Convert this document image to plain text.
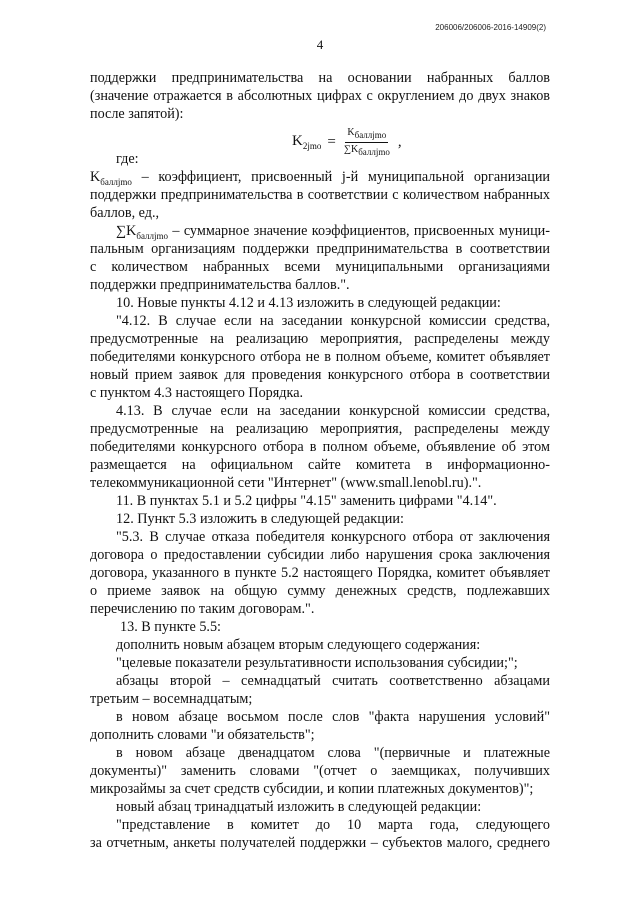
206006/206006-2016-14909(2)
4
поддержки предпринимательства на основании набранных баллов
(значение отражается в абсолютных цифрах с округлением до двух знаков
после запятой):
$K_{2jmo} = \frac{K_{баллjmo}}{\sum K_{баллjmo}}$ ,
где:
$K_{баллjmo}$ – коэффициент, присвоенный j-й муниципальной организации
поддержки предпринимательства в соответствии с количеством набранных
баллов, ед.,
$\sum K_{баллjmo}$ – суммарное значение коэффициентов, присвоенных муници-
пальным организациям поддержки предпринимательства в соответствии
с количеством набранных всеми муниципальными организациями
поддержки предпринимательства баллов.".
10. Новые пункты 4.12 и 4.13 изложить в следующей редакции:
"4.12. В случае если на заседании конкурсной комиссии средства,
предусмотренные на реализацию мероприятия, распределены между
победителями конкурсного отбора не в полном объеме, комитет объявляет
новый прием заявок для проведения конкурсного отбора в соответствии
с пунктом 4.3 настоящего Порядка.
4.13. В случае если на заседании конкурсной комиссии средства,
предусмотренные на реализацию мероприятия, распределены между
победителями конкурсного отбора в полном объеме, объявление об этом
размещается на официальном сайте комитета в информационно-
телекоммуникационной сети "Интернет" (www.small.lenobl.ru).".
11. В пунктах 5.1 и 5.2 цифры "4.15" заменить цифрами "4.14".
12. Пункт 5.3 изложить в следующей редакции:
"5.3. В случае отказа победителя конкурсного отбора от заключения
договора о предоставлении субсидии либо нарушения срока заключения
договора, указанного в пункте 5.2 настоящего Порядка, комитет объявляет
о приеме заявок на общую сумму денежных средств, подлежавших
перечислению по таким договорам.".
13. В пункте 5.5:
дополнить новым абзацем вторым следующего содержания:
"целевые показатели результативности использования субсидии;";
абзацы второй – семнадцатый считать соответственно абзацами
третьим – восемнадцатым;
в новом абзаце восьмом после слов "факта нарушения условий"
дополнить словами "и обязательств";
в новом абзаце двенадцатом слова "(первичные и платежные
документы)" заменить словами "(отчет о заемщиках, получивших
микрозаймы за счет средств субсидии, и копии платежных документов)";
новый абзац тринадцатый изложить в следующей редакции:
"представление в комитет до 10 марта года, следующего
за отчетным, анкеты получателей поддержки – субъектов малого, среднего
